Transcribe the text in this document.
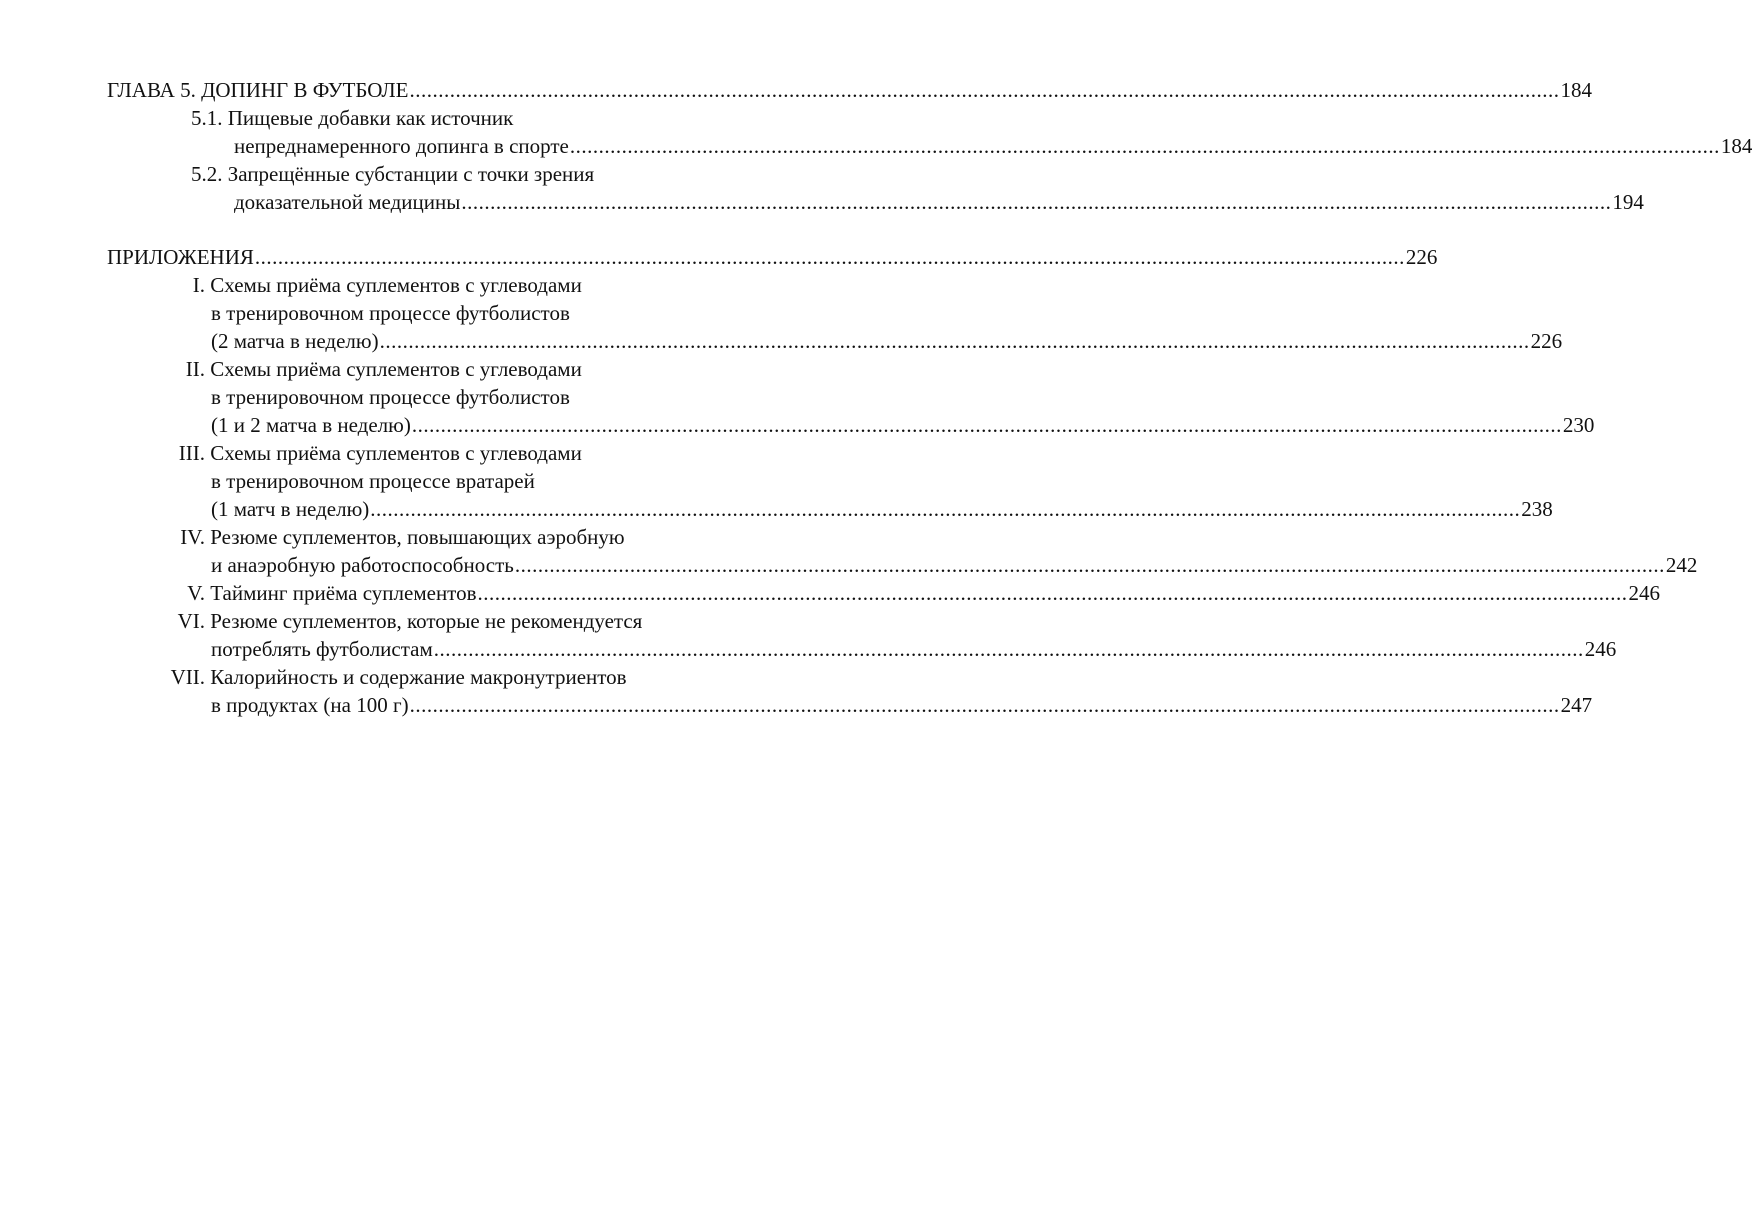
ГЛАВА 5. ДОПИНГ В ФУТБОЛЕ ........................................................................................................................................................................................................ 184
5.1. Пищевые добавки как источник
непреднамеренного допинга в спорте ........................................................................................................................................................................................................ 184
5.2. Запрещённые субстанции с точки зрения
доказательной медицины ........................................................................................................................................................................................................ 194
ПРИЛОЖЕНИЯ ........................................................................................................................................................................................................ 226
I. Схемы приёма суплементов с углеводами
в тренировочном процессе футболистов
(2 матча в неделю) ........................................................................................................................................................................................................ 226
II. Схемы приёма суплементов с углеводами
в тренировочном процессе футболистов
(1 и 2 матча в неделю) ........................................................................................................................................................................................................ 230
III. Схемы приёма суплементов с углеводами
в тренировочном процессе вратарей
(1 матч в неделю) ........................................................................................................................................................................................................ 238
IV. Резюме суплементов, повышающих аэробную
и анаэробную работоспособность ........................................................................................................................................................................................................ 242
V. Тайминг приёма суплементов ........................................................................................................................................................................................................ 246
VI. Резюме суплементов, которые не рекомендуется
потреблять футболистам ........................................................................................................................................................................................................ 246
VII. Калорийность и содержание макронутриентов
в продуктах (на 100 г) ........................................................................................................................................................................................................ 247
